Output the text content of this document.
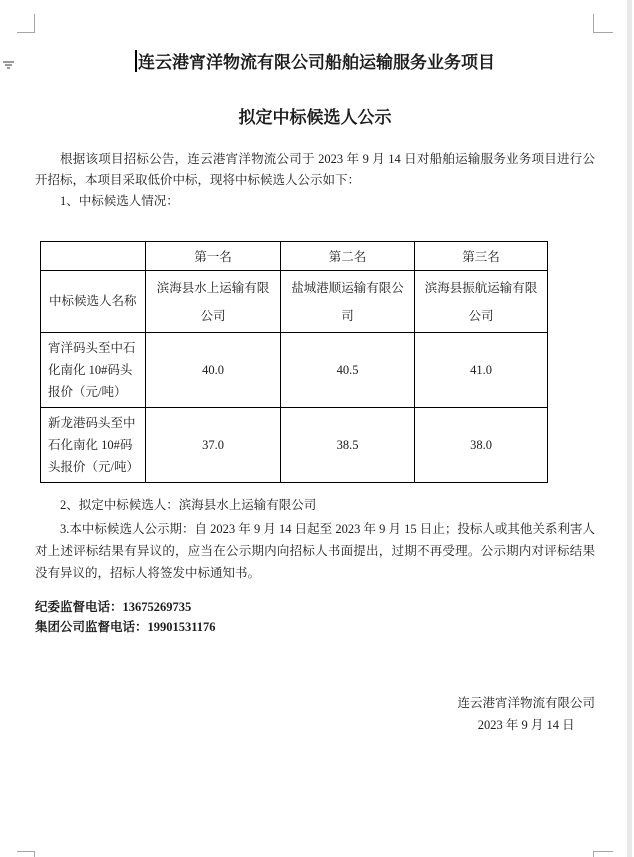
连云港宵洋物流有限公司船舶运输服务业务项目
拟定中标候选人公示
根据该项目招标公告，连云港宵洋物流公司于 2023 年 9 月 14 日对船舶运输服务业务项目进行公开招标，本项目采取低价中标，现将中标候选人公示如下：
1、中标候选人情况：
	第一名	第二名	第三名
中标候选人名称	滨海县水上运输有限公司	盐城港顺运输有限公司	滨海县振航运输有限公司
宵洋码头至中石化南化 10#码头报价（元/吨）	40.0	40.5	41.0
新龙港码头至中石化南化 10#码头报价（元/吨）	37.0	38.5	38.0
2、拟定中标候选人：滨海县水上运输有限公司
3.本中标候选人公示期：自 2023 年 9 月 14 日起至 2023 年 9 月 15 日止；投标人或其他关系利害人对上述评标结果有异议的，应当在公示期内向招标人书面提出，过期不再受理。公示期内对评标结果没有异议的，招标人将签发中标通知书。
纪委监督电话：13675269735
集团公司监督电话：19901531176
连云港宵洋物流有限公司
2023 年 9 月 14 日
